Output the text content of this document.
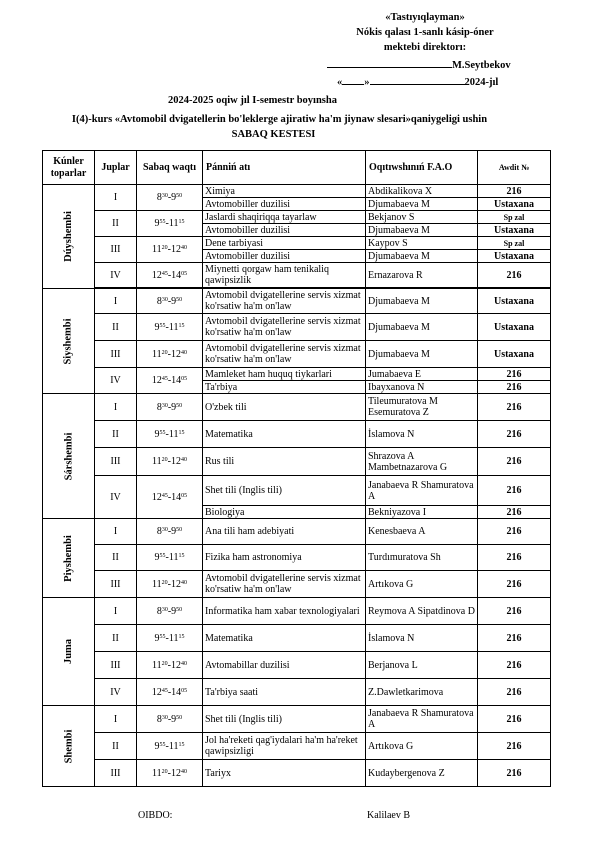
«Tastıyıqlayman»
Nókis qalası 1-sanlı kásip-óner
mektebi direktorı:
M.Seytbekov
« »	2024-jıl
2024-2025 oqiw jıl I-semestr boyınsha
I(4)-kurs «Avtomobil dvigatellerin bo'leklerge ajiratiw ha'm jiynaw slesari»qaniygeligi ushin
SABAQ KESTESI
Kúnler toparlar	Juplar	Sabaq waqtı	Pánniń atı	Oqıtıwshınıń F.A.O	Awdit №
Dúyshembi	I	$8^{30}-9^{50}$	Ximiya	Abdikalikova X	216
			Avtomobiller duzilisi	Djumabaeva M	Ustaxana
	II	$9^{55}-11^{15}$	Jaslardi shaqiriqqa tayarlaw	Bekjanov S	Sp zal
			Avtomobiller duzilisi	Djumabaeva M	Ustaxana
	III	$11^{20}-12^{40}$	Dene tarbiyasi	Kaypov S	Sp zal
			Avtomobiller duzilisi	Djumabaeva M	Ustaxana
	IV	$12^{45}-14^{05}$	Miynetti qorgaw ham tenikaliq qawipsizlik	Ernazarova R	216

Siyshembi	I	$8^{30}-9^{50}$	Avtomobil dvigatellerine servis xizmat ko'rsatiw ha'm on'law	Djumabaeva M	Ustaxana
	II	$9^{55}-11^{15}$	Avtomobil dvigatellerine servis xizmat ko'rsatiw ha'm on'law	Djumabaeva M	Ustaxana
	III	$11^{20}-12^{40}$	Avtomobil dvigatellerine servis xizmat ko'rsatiw ha'm on'law	Djumabaeva M	Ustaxana
	IV	$12^{45}-14^{05}$	Mamleket ham huquq tiykarlari	Jumabaeva E	216
			Ta'rbiya	Ibayxanova N	216
Sárshembi	I	$8^{30}-9^{50}$	O'zbek tili	Tileumuratova M Esemuratova Z	216
	II	$9^{55}-11^{15}$	Matematika	İslamova N	216
	III	$11^{20}-12^{40}$	Rus tili	Shrazova A Mambetnazarova G	216
	IV	$12^{45}-14^{05}$	Shet tili (Inglis tili)	Janabaeva R Shamuratova A	216
			Biologiya	Bekniyazova I	216
Piyshembi	I	$8^{30}-9^{50}$	Ana tili ham adebiyati	Kenesbaeva A	216
	II	$9^{55}-11^{15}$	Fizika ham astronomiya	Turdımuratova Sh	216
	III	$11^{20}-12^{40}$	Avtomobil dvigatellerine servis xizmat ko'rsatiw ha'm on'law	Artıkova G	216
Juma	I	$8^{30}-9^{50}$	Informatika ham xabar texnologiyalari	Reymova A Sipatdinova D	216
	II	$9^{55}-11^{15}$	Matematika	İslamova N	216
	III	$11^{20}-12^{40}$	Avtomabillar duzilisi	Berjanova L	216
	IV	$12^{45}-14^{05}$	Ta'rbiya saati	Z.Dawletkarimova	216
Shembi	I	$8^{30}-9^{50}$	Shet tili (Inglis tili)	Janabaeva R Shamuratova A	216
	II	$9^{55}-11^{15}$	Jol ha'reketi qag'iydalari ha'm ha'reket qawipsizligi	Artıkova G	216
	III	$11^{20}-12^{40}$	Tariyx	Kudaybergenova Z	216
OIBDO:	Kalilaev B
